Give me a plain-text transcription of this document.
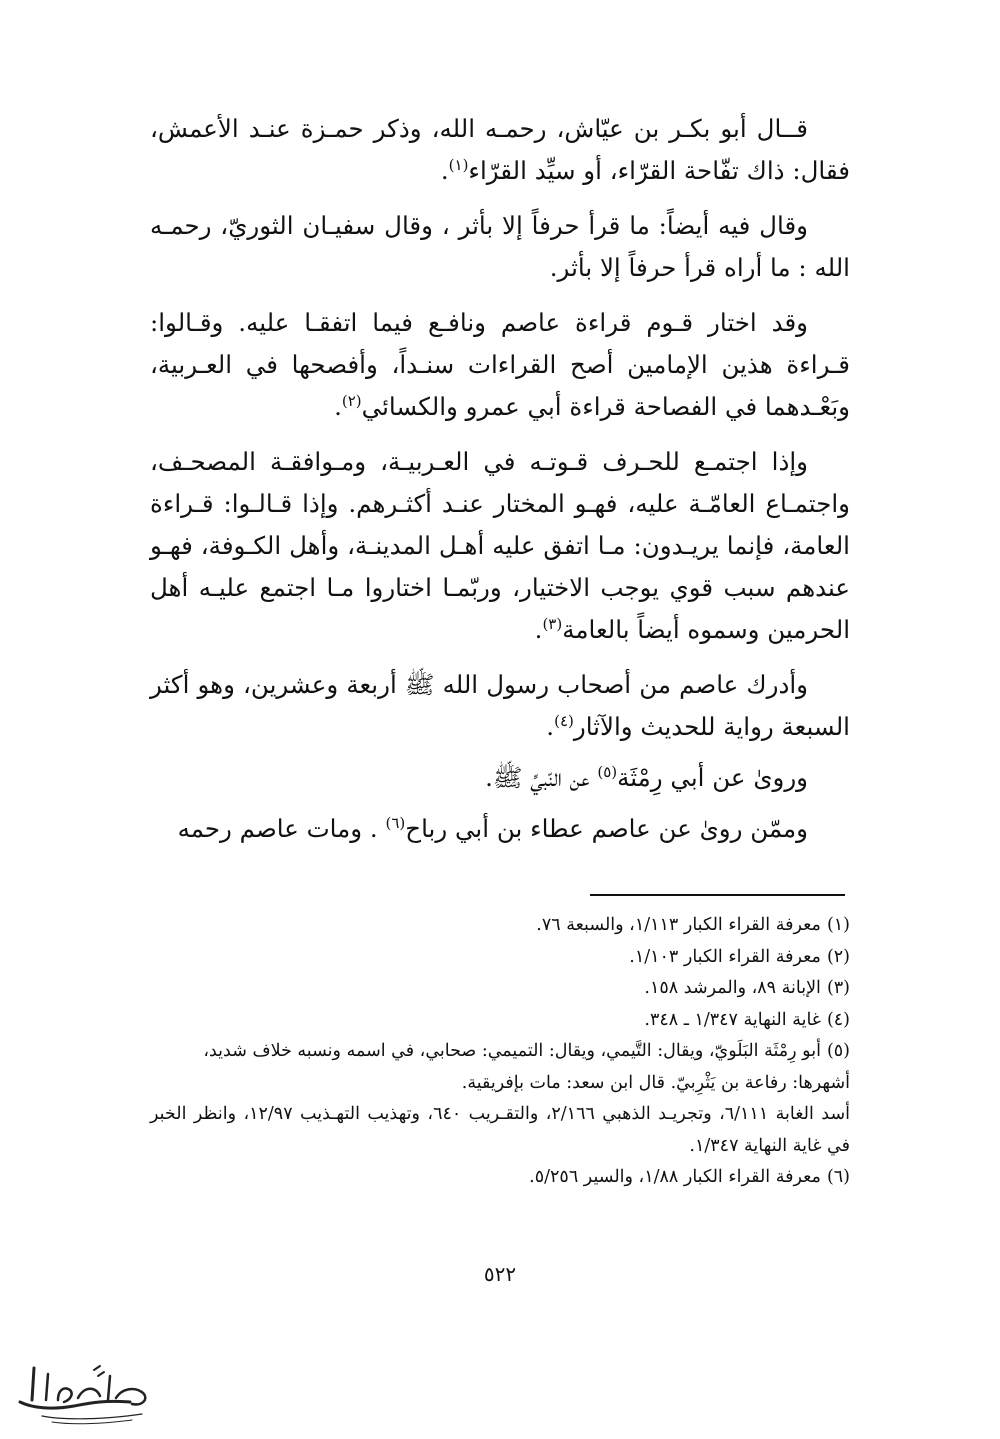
قــال أبو بكـر بن عيّاش، رحمـه الله، وذكر حمـزة عنـد الأعمش، فقال: ذاك تفّاحة القرّاء، أو سيِّد القرّاء$^{(١)}$.

وقال فيه أيضاً: ما قرأ حرفاً إلا بأثر ، وقال سفيـان الثوريّ، رحمـه الله : ما أراه قرأ حرفاً إلا بأثر.

وقد اختار قـوم قراءة عاصم ونافـع فيما اتفقـا عليه. وقـالوا: قـراءة هذين الإمامين أصح القراءات سنـداً، وأفصحها في العـربية، وبَعْـدهما في الفصاحة قراءة أبي عمرو والكسائي$^{(٢)}$.

وإذا اجتمـع للحـرف قـوتـه في العـربيـة، ومـوافقـة المصحـف، واجتمـاع العامّـة عليه، فهـو المختار عنـد أكثـرهم. وإذا قـالـوا: قـراءة العامة، فإنما يريـدون: مـا اتفق عليه أهـل المدينـة، وأهل الكـوفة، فهـو عندهم سبب قوي يوجب الاختيار، وربّمـا اختاروا مـا اجتمع عليـه أهل الحرمين وسموه أيضاً بالعامة$^{(٣)}$.

وأدرك عاصم من أصحاب رسول الله ﷺ أربعة وعشرين، وهو أكثر السبعة رواية للحديث والآثار$^{(٤)}$.

وروىٰ عن أبي رِمْثَة$^{(٥)}$ عن النّبيِّ ﷺ.

وممّن روىٰ عن عاصم عطاء بن أبي رباح$^{(٦)}$ . ومات عاصم رحمه

(١)معرفة القراء الكبار ١/١١٣، والسبعة ٧٦.

(٢)معرفة القراء الكبار ١/١٠٣.

(٣)الإبانة ٨٩، والمرشد ١٥٨.

(٤)غاية النهاية ١/٣٤٧ ـ ٣٤٨.

(٥)أبو رِمْثَة البَلَويّ، ويقال: التَّيمي، ويقال: التميمي: صحابي، في اسمه ونسبه خلاف شديد، أشهرها: رفاعة بن يَثْرِبيّ. قال ابن سعد: مات بإفريقية.
أسد الغابة ٦/١١١، وتجريـد الذهبي ٢/١٦٦، والتقـريب ٦٤٠، وتهذيب التهـذيب ١٢/٩٧، وانظر الخبر في غاية النهاية ١/٣٤٧.

(٦)معرفة القراء الكبار ١/٨٨، والسير ٥/٢٥٦.

٥٢٢
